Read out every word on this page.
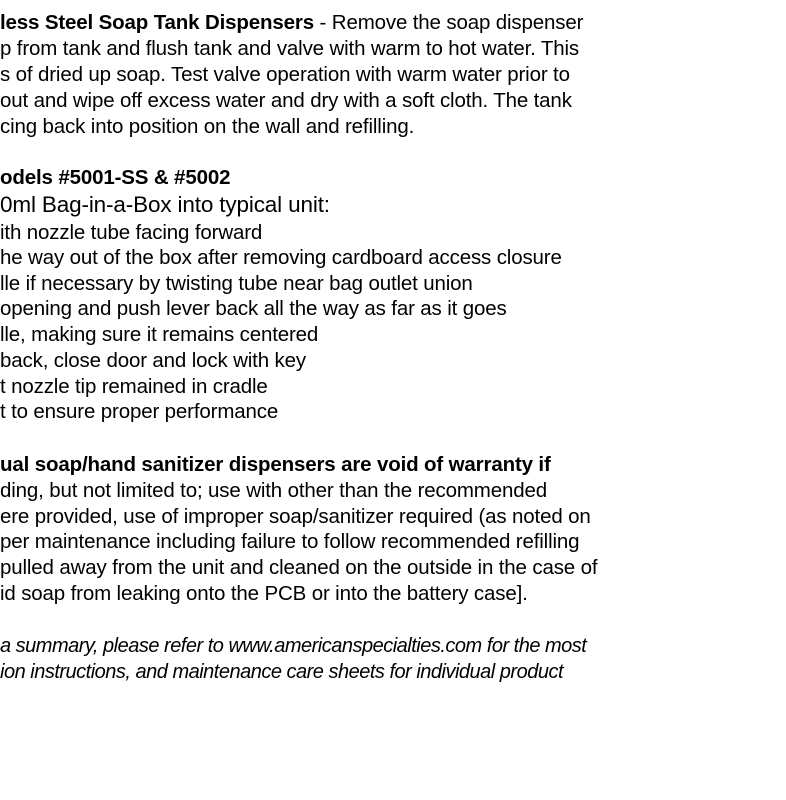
less Steel Soap Tank Dispensers - Remove the soap dispenser
p from tank and flush tank and valve with warm to hot water. This
s of dried up soap. Test valve operation with warm water prior to
out and wipe off excess water and dry with a soft cloth. The tank
cing back into position on the wall and refilling.
odels #5001-SS & #5002
0ml Bag-in-a-Box into typical unit:
ith nozzle tube facing forward
he way out of the box after removing cardboard access closure
lle if necessary by twisting tube near bag outlet union
opening and push lever back all the way as far as it goes
lle, making sure it remains centered
back, close door and lock with key
t nozzle tip remained in cradle
t to ensure proper performance
ual soap/hand sanitizer dispensers are void of warranty if
ding, but not limited to; use with other than the recommended
ere provided, use of improper soap/sanitizer required (as noted on
per maintenance including failure to follow recommended refilling
pulled away from the unit and cleaned on the outside in the case of
id soap from leaking onto the PCB or into the battery case].
a summary, please refer to www.americanspecialties.com for the most
ion instructions, and maintenance care sheets for individual product
